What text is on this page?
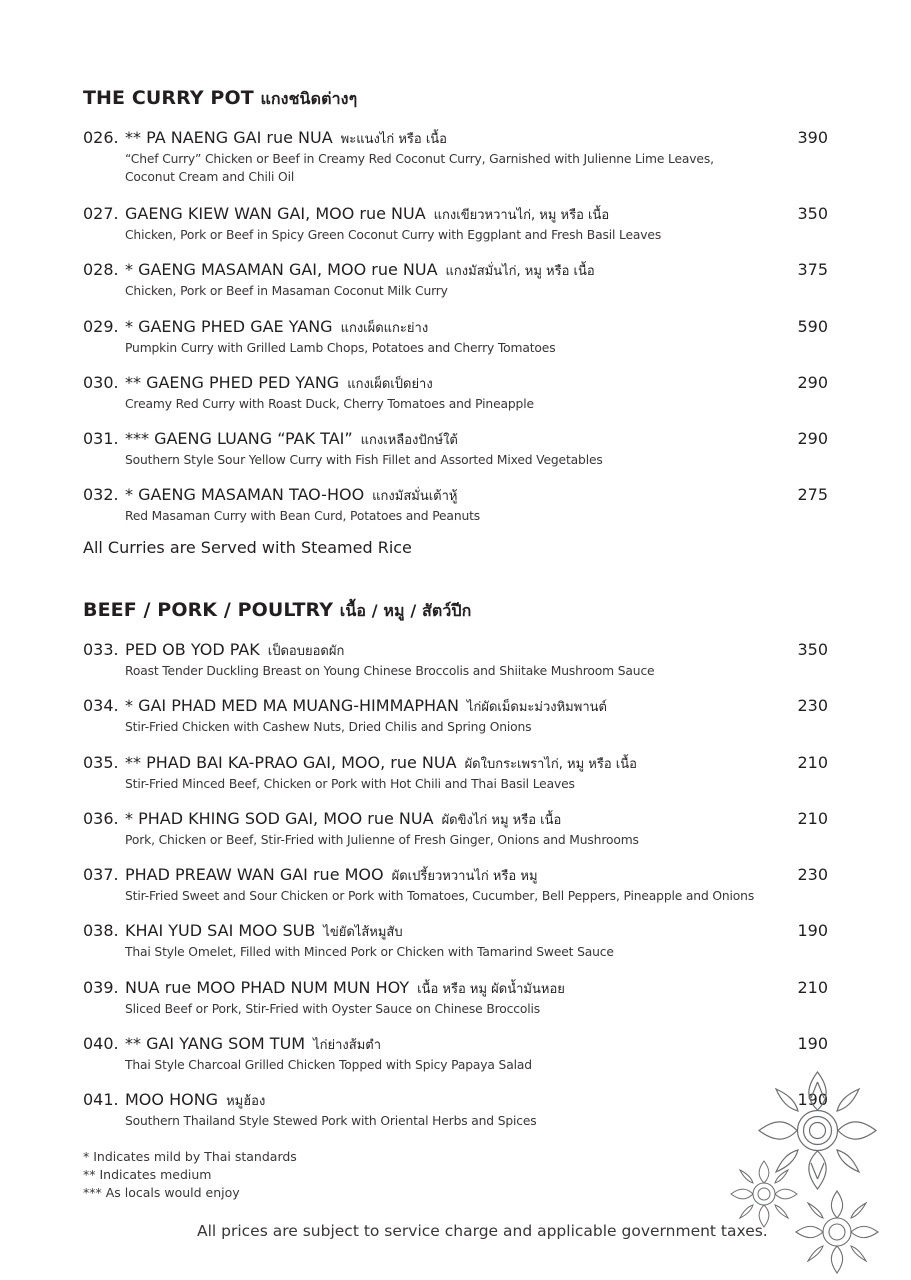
THE CURRY POT แกงชนิดต่างๆ
026. ** PA NAENG GAI rue NUA พะแนงไก่ หรือ เนื้อ	390
“Chef Curry” Chicken or Beef in Creamy Red Coconut Curry, Garnished with Julienne Lime Leaves,
Coconut Cream and Chili Oil
027. GAENG KIEW WAN GAI, MOO rue NUA แกงเขียวหวานไก่, หมู หรือ เนื้อ	350
Chicken, Pork or Beef in Spicy Green Coconut Curry with Eggplant and Fresh Basil Leaves
028. * GAENG MASAMAN GAI, MOO rue NUA แกงมัสมั่นไก่, หมู หรือ เนื้อ	375
Chicken, Pork or Beef in Masaman Coconut Milk Curry
029. * GAENG PHED GAE YANG แกงเผ็ดแกะย่าง	590
Pumpkin Curry with Grilled Lamb Chops, Potatoes and Cherry Tomatoes
030. ** GAENG PHED PED YANG แกงเผ็ดเป็ดย่าง	290
Creamy Red Curry with Roast Duck, Cherry Tomatoes and Pineapple
031. *** GAENG LUANG “PAK TAI” แกงเหลืองปักษ์ใต้	290
Southern Style Sour Yellow Curry with Fish Fillet and Assorted Mixed Vegetables
032. * GAENG MASAMAN TAO-HOO แกงมัสมั่นเต้าหู้	275
Red Masaman Curry with Bean Curd, Potatoes and Peanuts
All Curries are Served with Steamed Rice
BEEF / PORK / POULTRY เนื้อ / หมู / สัตว์ปีก
033. PED OB YOD PAK เป็ดอบยอดผัก	350
Roast Tender Duckling Breast on Young Chinese Broccolis and Shiitake Mushroom Sauce
034. * GAI PHAD MED MA MUANG-HIMMAPHAN ไก่ผัดเม็ดมะม่วงหิมพานต์	230
Stir-Fried Chicken with Cashew Nuts, Dried Chilis and Spring Onions
035. ** PHAD BAI KA-PRAO GAI, MOO, rue NUA ผัดใบกระเพราไก่, หมู หรือ เนื้อ	210
Stir-Fried Minced Beef, Chicken or Pork with Hot Chili and Thai Basil Leaves
036. * PHAD KHING SOD GAI, MOO rue NUA ผัดขิงไก่ หมู หรือ เนื้อ	210
Pork, Chicken or Beef, Stir-Fried with Julienne of Fresh Ginger, Onions and Mushrooms
037. PHAD PREAW WAN GAI rue MOO ผัดเปรี้ยวหวานไก่ หรือ หมู	230
Stir-Fried Sweet and Sour Chicken or Pork with Tomatoes, Cucumber, Bell Peppers, Pineapple and Onions
038. KHAI YUD SAI MOO SUB ไข่ยัดไส้หมูสับ	190
Thai Style Omelet, Filled with Minced Pork or Chicken with Tamarind Sweet Sauce
039. NUA rue MOO PHAD NUM MUN HOY เนื้อ หรือ หมู ผัดน้ำมันหอย	210
Sliced Beef or Pork, Stir-Fried with Oyster Sauce on Chinese Broccolis
040. ** GAI YANG SOM TUM ไก่ย่างส้มตำ	190
Thai Style Charcoal Grilled Chicken Topped with Spicy Papaya Salad
041. MOO HONG หมูฮ้อง	190
Southern Thailand Style Stewed Pork with Oriental Herbs and Spices
* Indicates mild by Thai standards
** Indicates medium
*** As locals would enjoy
All prices are subject to service charge and applicable government taxes.
